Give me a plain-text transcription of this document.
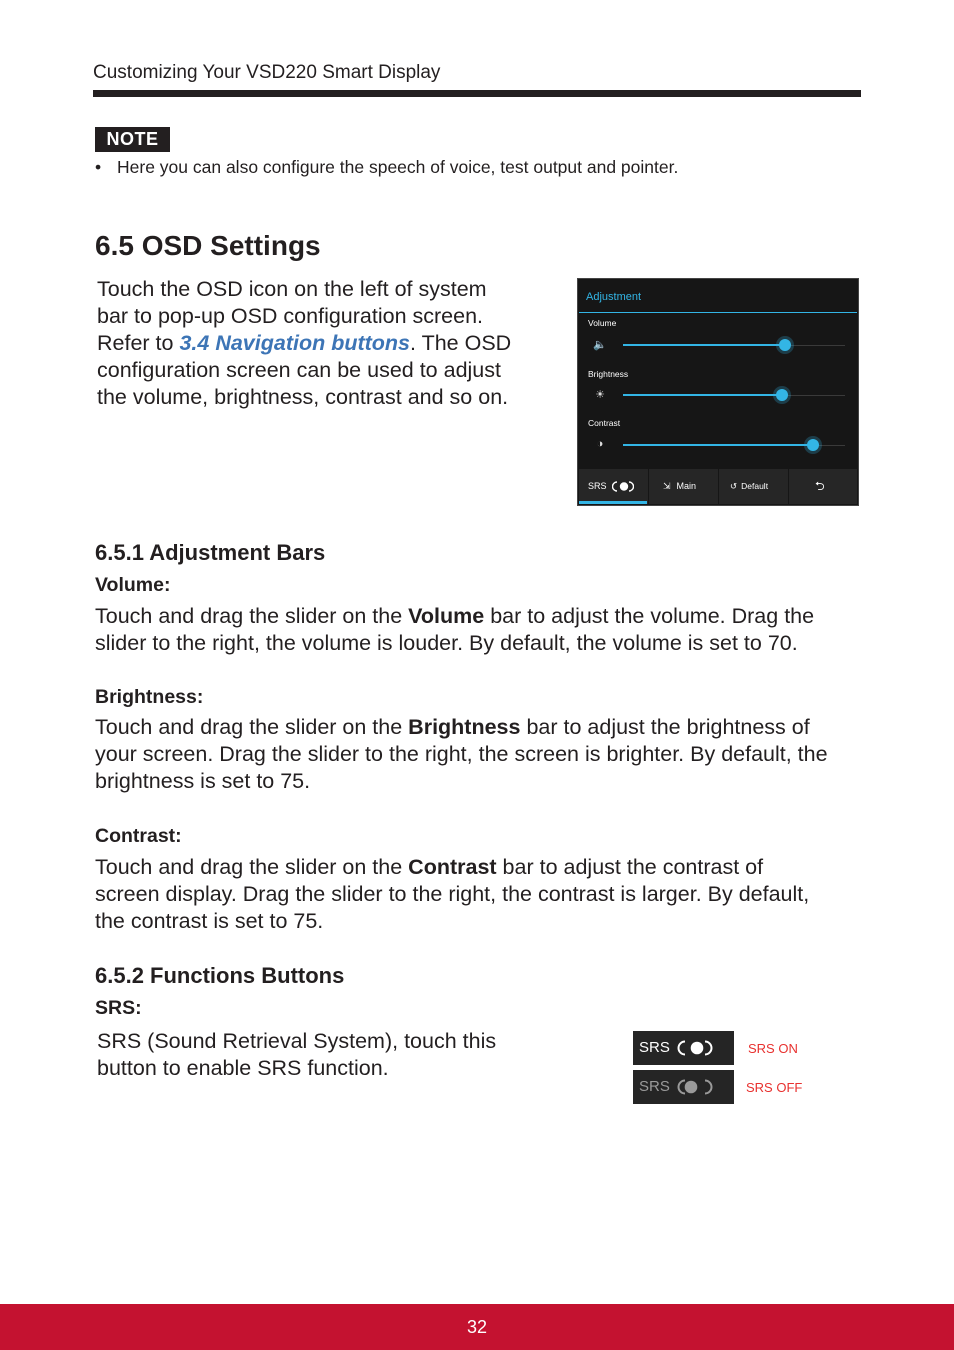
Customizing Your VSD220 Smart Display
NOTE
• Here you can also configure the speech of voice, test output and pointer.
6.5 OSD Settings
Touch the OSD icon on the left of system
bar to pop-up OSD configuration screen.
Refer to 3.4 Navigation buttons. The OSD
configuration screen can be used to adjust
the volume, brightness, contrast and so on.
Adjustment
Volume
🔈
Brightness
☀
Contrast
◑
SRS	⇲ Main	↺ Default	⮌
6.5.1 Adjustment Bars
Volume:
Touch and drag the slider on the Volume bar to adjust the volume. Drag the
slider to the right, the volume is louder. By default, the volume is set to 70.
Brightness:
Touch and drag the slider on the Brightness bar to adjust the brightness of
your screen. Drag the slider to the right, the screen is brighter. By default, the
brightness is set to 75.
Contrast:
Touch and drag the slider on the Contrast bar to adjust the contrast of
screen display. Drag the slider to the right, the contrast is larger. By default,
the contrast is set to 75.
6.5.2 Functions Buttons
SRS:
SRS (Sound Retrieval System), touch this
button to enable SRS function.
SRS	SRS ON
SRS	SRS OFF
32
